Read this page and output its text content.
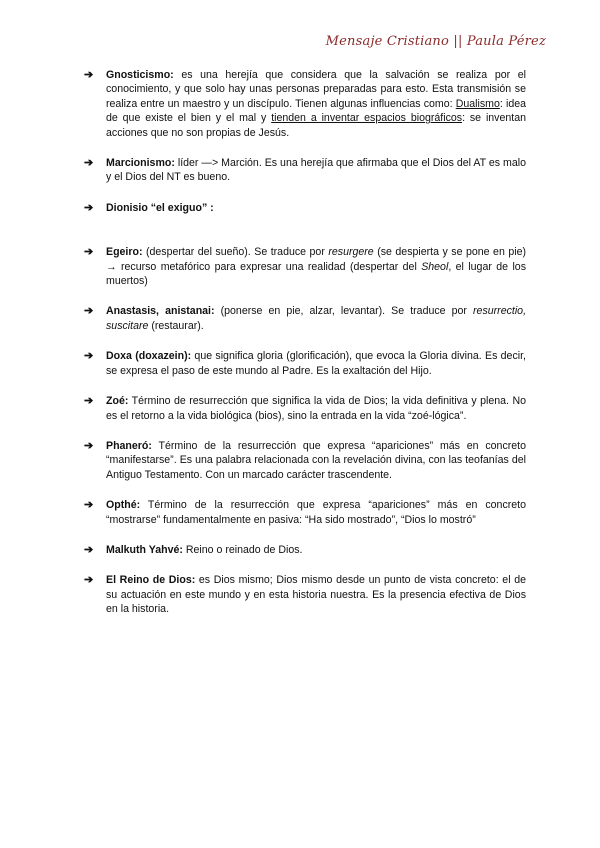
Mensaje Cristiano || Paula Pérez
➔ Gnosticismo: es una herejía que considera que la salvación se realiza por el conocimiento, y que solo hay unas personas preparadas para esto. Esta transmisión se realiza entre un maestro y un discípulo. Tienen algunas influencias como: Dualismo: idea de que existe el bien y el mal y tienden a inventar espacios biográficos: se inventan acciones que no son propias de Jesús.
➔ Marcionismo: líder —> Marción. Es una herejía que afirmaba que el Dios del AT es malo y el Dios del NT es bueno.
➔ Dionisio “el exiguo” :
➔ Egeiro: (despertar del sueño). Se traduce por resurgere (se despierta y se pone en pie) → recurso metafórico para expresar una realidad (despertar del Sheol, el lugar de los muertos)
➔ Anastasis, anistanai: (ponerse en pie, alzar, levantar). Se traduce por resurrectio, suscitare (restaurar).
➔ Doxa (doxazein): que significa gloria (glorificación), que evoca la Gloria divina. Es decir, se expresa el paso de este mundo al Padre. Es la exaltación del Hijo.
➔ Zoé: Término de resurrección que significa la vida de Dios; la vida definitiva y plena. No es el retorno a la vida biológica (bios), sino la entrada en la vida “zoé-lógica”.
➔ Phaneró: Término de la resurrección que expresa “apariciones” más en concreto “manifestarse”. Es una palabra relacionada con la revelación divina, con las teofanías del Antiguo Testamento. Con un marcado carácter trascendente.
➔ Opthé: Término de la resurrección que expresa “apariciones” más en concreto “mostrarse” fundamentalmente en pasiva: “Ha sido mostrado”, “Dios lo mostró”
➔ Malkuth Yahvé: Reino o reinado de Dios.
➔ El Reino de Dios: es Dios mismo; Dios mismo desde un punto de vista concreto: el de su actuación en este mundo y en esta historia nuestra. Es la presencia efectiva de Dios en la historia.
